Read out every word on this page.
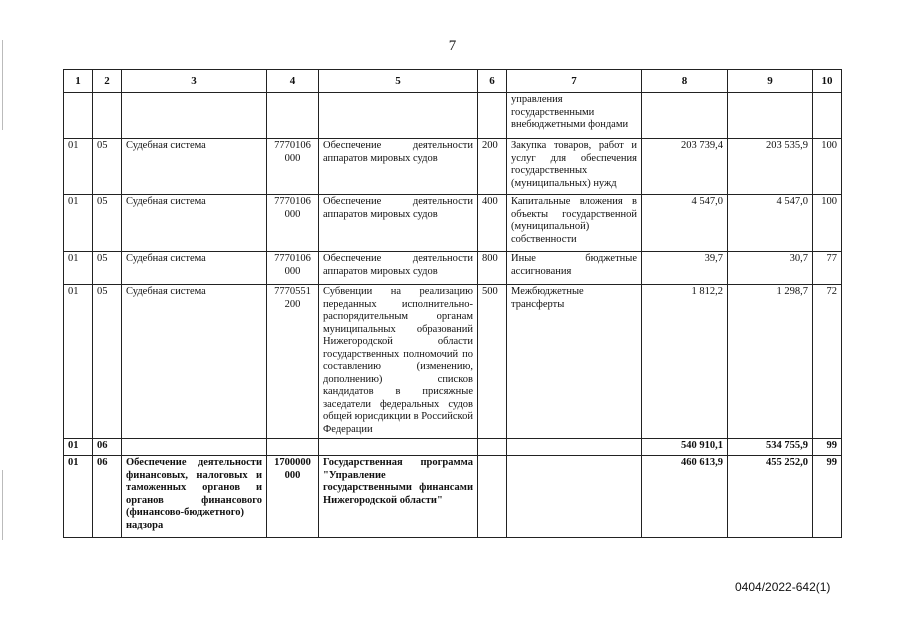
7
1	2	3	4	5	6	7	8	9	10
						управления государственными внебюджетными фондами			
01	05	Судебная система	7770106 000	Обеспечение деятельности аппаратов мировых судов	200	Закупка товаров, работ и услуг для обеспечения государственных (муниципальных) нужд	203 739,4	203 535,9	100
01	05	Судебная система	7770106 000	Обеспечение деятельности аппаратов мировых судов	400	Капитальные вложения в объекты государственной (муниципальной) собственности	4 547,0	4 547,0	100
01	05	Судебная система	7770106 000	Обеспечение деятельности аппаратов мировых судов	800	Иные бюджетные ассигнования	39,7	30,7	77
01	05	Судебная система	7770551 200	Субвенции на реализацию переданных исполнительно-распорядительным органам муниципальных образований Нижегородской области государственных полномочий по составлению (изменению, дополнению) списков кандидатов в присяжные заседатели федеральных судов общей юрисдикции в Российской Федерации	500	Межбюджетные трансферты	1 812,2	1 298,7	72
01	06						540 910,1	534 755,9	99
01	06	Обеспечение деятельности финансовых, налоговых и таможенных органов и органов финансового (финансово-бюджетного) надзора	1700000 000	Государственная программа "Управление государственными финансами Нижегородской области"			460 613,9	455 252,0	99
0404/2022-642(1)
